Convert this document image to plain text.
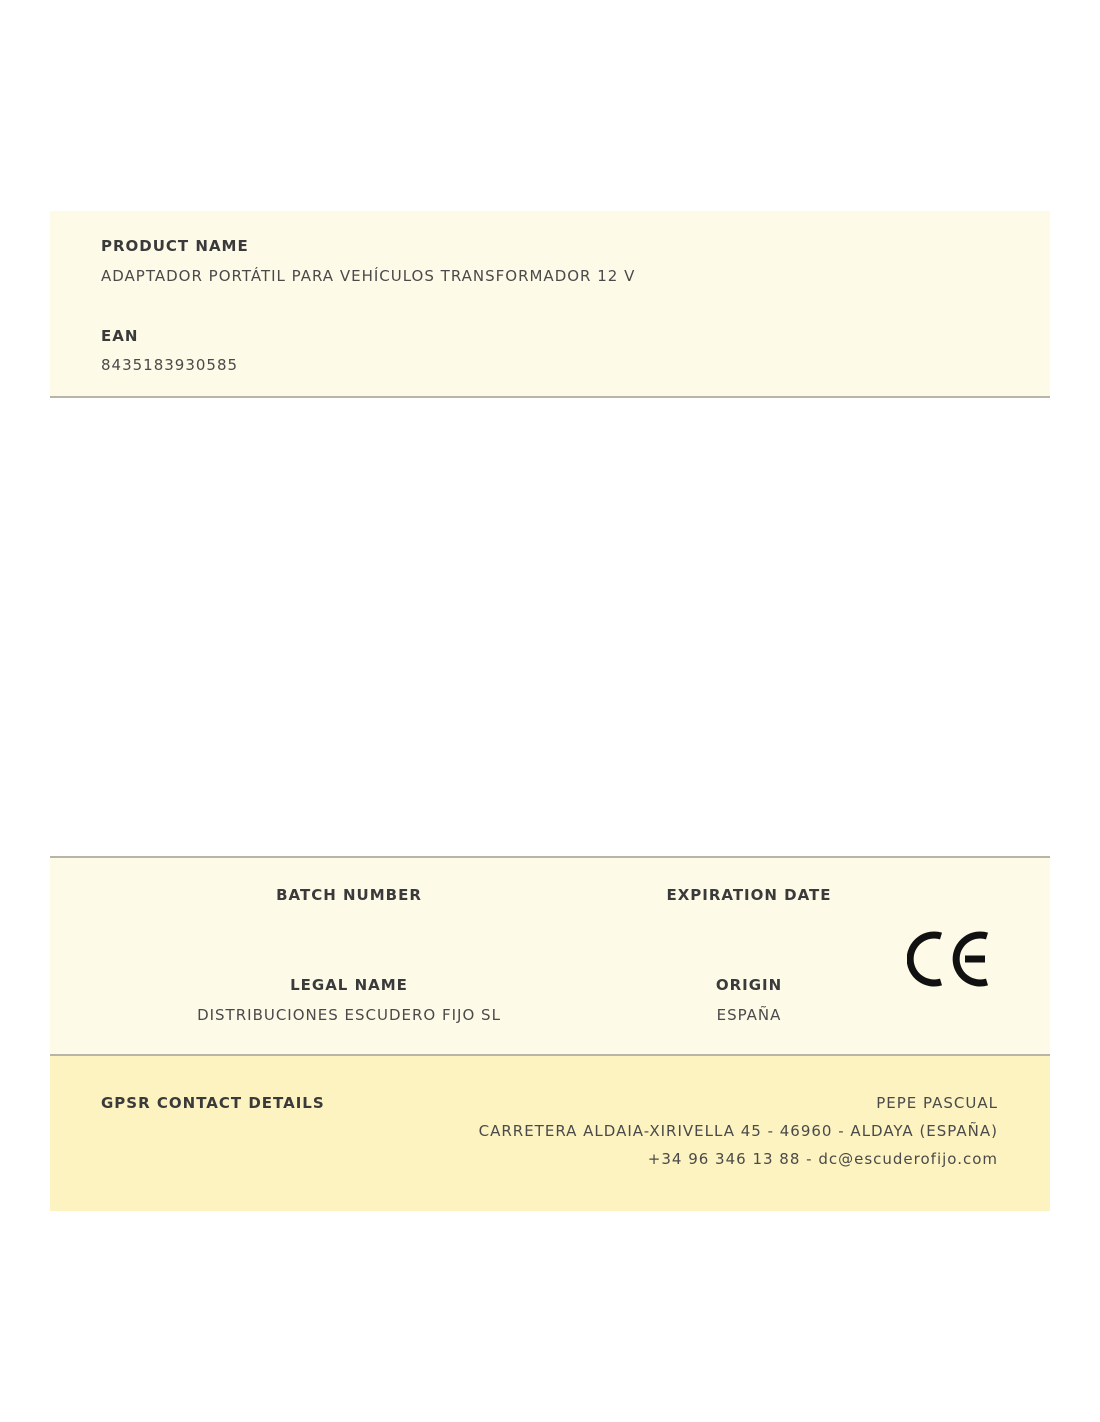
PRODUCT NAME
ADAPTADOR PORTÁTIL PARA VEHÍCULOS TRANSFORMADOR 12 V
EAN
8435183930585
BATCH NUMBER	EXPIRATION DATE
LEGAL NAME
DISTRIBUCIONES ESCUDERO FIJO SL
ORIGIN
ESPAÑA
GPSR CONTACT DETAILS	PEPE PASCUAL
CARRETERA ALDAIA-XIRIVELLA 45 - 46960 - ALDAYA (ESPAÑA)
+34 96 346 13 88 - dc@escuderofijo.com
